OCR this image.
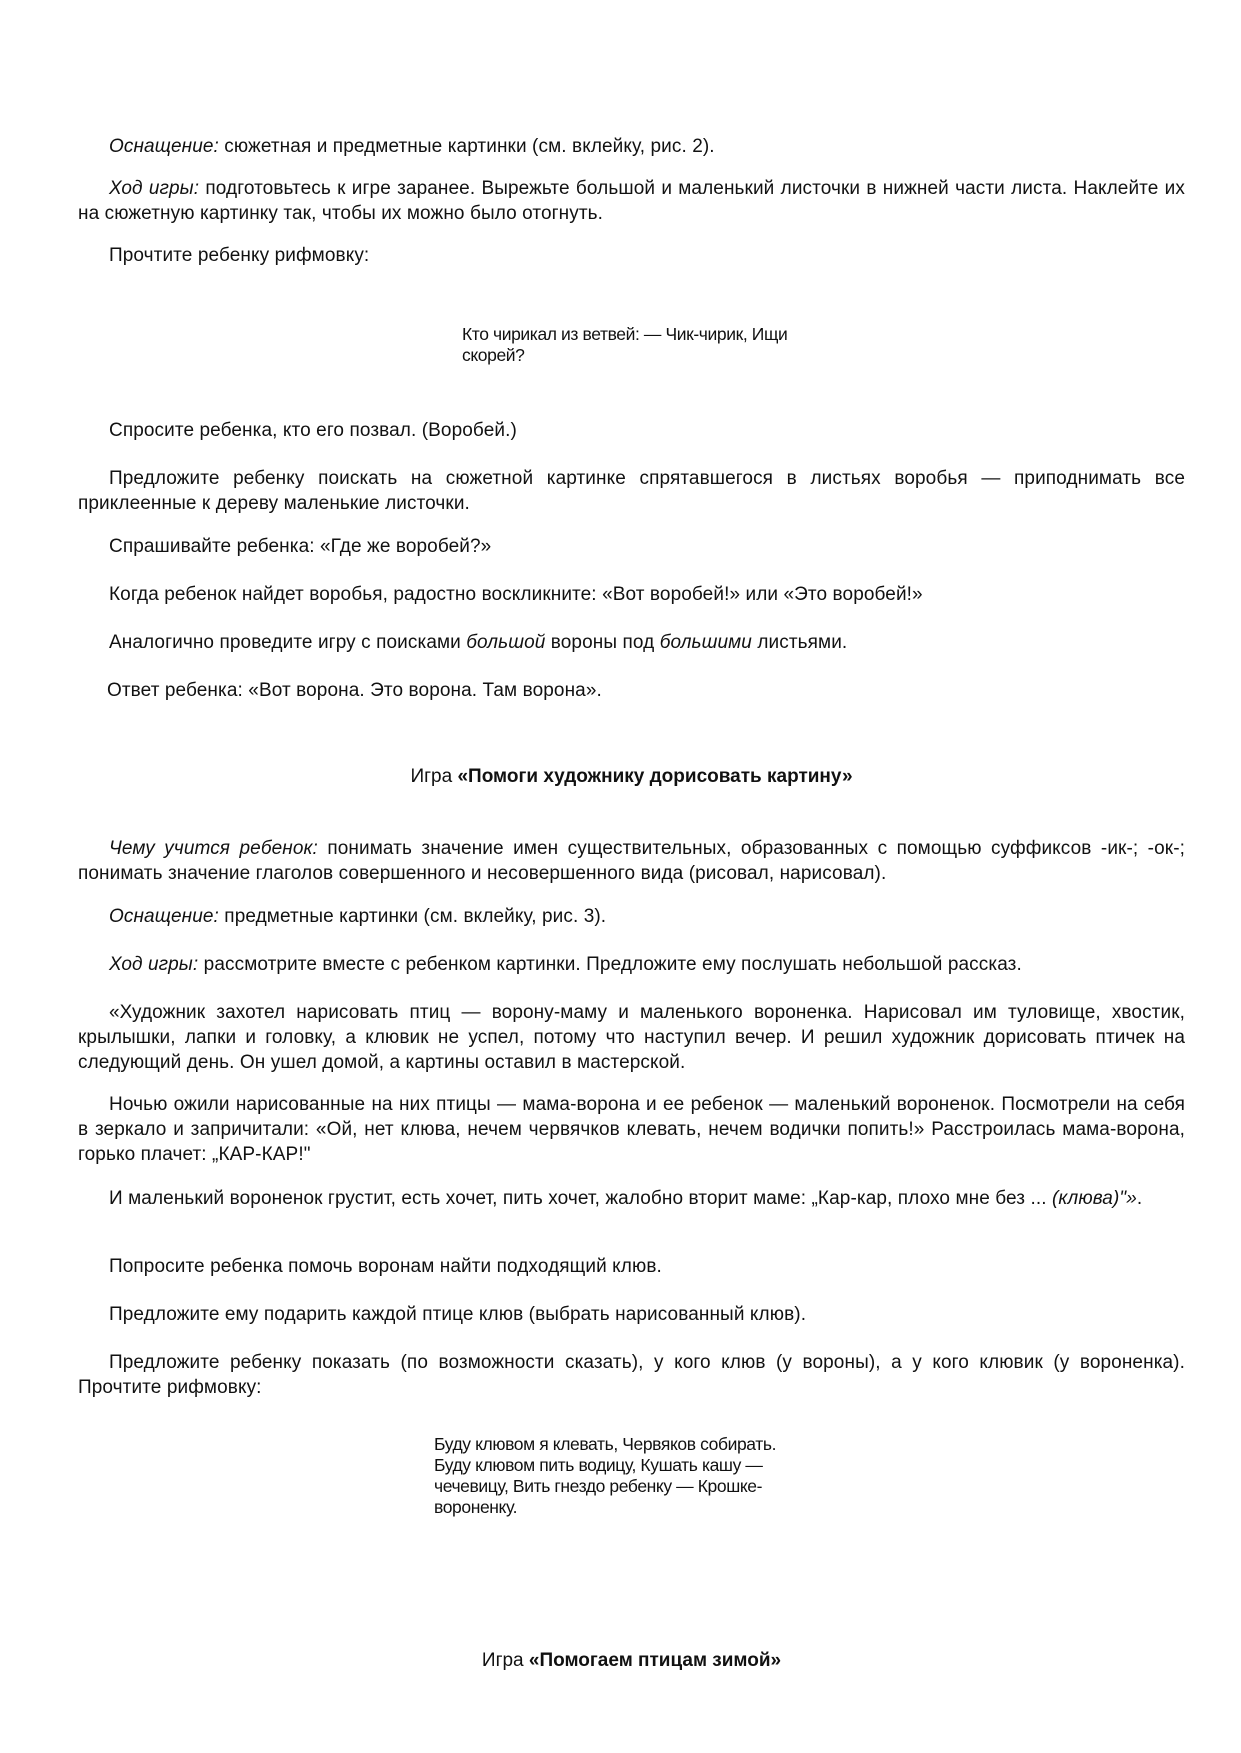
Оснащение: сюжетная и предметные картинки (см. вклейку, рис. 2).
Ход игры: подготовьтесь к игре заранее. Вырежьте большой и маленький листочки в нижней части листа. Наклейте их на сюжетную картинку так, чтобы их можно было отогнуть.
Прочтите ребенку рифмовку:
Кто чирикал из ветвей: — Чик-чирик, Ищи
скорей?
Спросите ребенка, кто его позвал. (Воробей.)
Предложите ребенку поискать на сюжетной картинке спрятавшегося в листьях воробья — приподнимать все приклеенные к дереву маленькие листочки.
Спрашивайте ребенка: «Где же воробей?»
Когда ребенок найдет воробья, радостно воскликните: «Вот воробей!» или «Это воробей!»
Аналогично проведите игру с поисками большой вороны под большими листьями.
Ответ ребенка: «Вот ворона. Это ворона. Там ворона».
Игра «Помоги художнику дорисовать картину»
Чему учится ребенок: понимать значение имен существительных, образованных с помощью суффиксов -ик-; -ок-; понимать значение глаголов совершенного и несовершенного вида (рисовал, нарисовал).
Оснащение: предметные картинки (см. вклейку, рис. 3).
Ход игры: рассмотрите вместе с ребенком картинки. Предложите ему послушать небольшой рассказ.
«Художник захотел нарисовать птиц — ворону-маму и маленького вороненка. Нарисовал им туловище, хвостик, крылышки, лапки и головку, а клювик не успел, потому что наступил вечер. И решил художник дорисовать птичек на следующий день. Он ушел домой, а картины оставил в мастерской.
Ночью ожили нарисованные на них птицы — мама-ворона и ее ребенок — маленький вороненок. Посмотрели на себя в зеркало и запричитали: «Ой, нет клюва, нечем червячков клевать, нечем водички попить!» Расстроилась мама-ворона, горько плачет: „КАР-КАР!"
И маленький вороненок грустит, есть хочет, пить хочет, жалобно вторит маме: „Кар-кар, плохо мне без ... (клюва)"».
Попросите ребенка помочь воронам найти подходящий клюв.
Предложите ему подарить каждой птице клюв (выбрать нарисованный клюв).
Предложите ребенку показать (по возможности сказать), у кого клюв (у вороны), а у кого клювик (у вороненка). Прочтите рифмовку:
Буду клювом я клевать, Червяков собирать.
Буду клювом пить водицу, Кушать кашу —
чечевицу, Вить гнездо ребенку — Крошке-
вороненку.
Игра «Помогаем птицам зимой»
